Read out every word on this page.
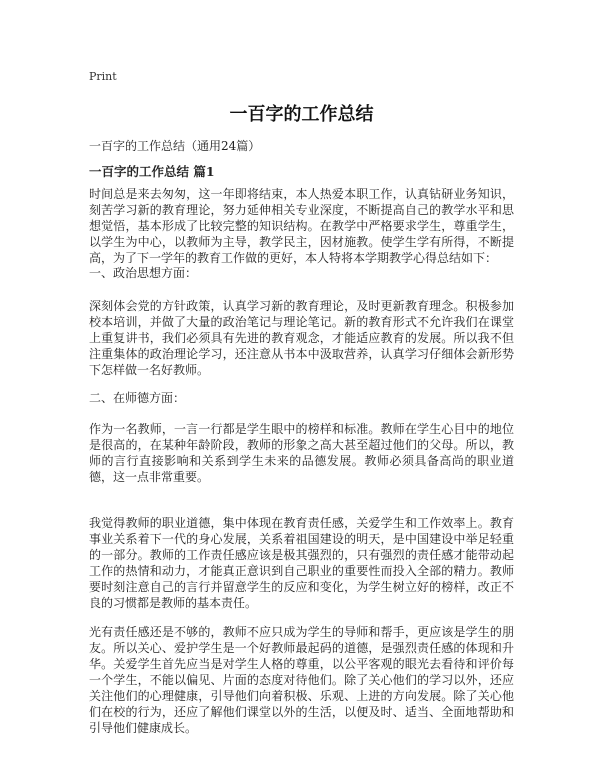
Print
一百字的工作总结

一百字的工作总结（通用24篇）

一百字的工作总结 篇1

时间总是来去匆匆，这一年即将结束，本人热爱本职工作，认真钻研业务知识，刻苦学习新的教育理论，努力延伸相关专业深度，不断提高自己的教学水平和思想觉悟，基本形成了比较完整的知识结构。在教学中严格要求学生，尊重学生，以学生为中心，以教师为主导，教学民主，因材施教。使学生学有所得，不断提高，为了下一学年的教育工作做的更好，本人特将本学期教学心得总结如下：

一、政治思想方面：

深刻体会党的方针政策，认真学习新的教育理论，及时更新教育理念。积极参加校本培训，并做了大量的政治笔记与理论笔记。新的教育形式不允许我们在课堂上重复讲书，我们必须具有先进的教育观念，才能适应教育的发展。所以我不但注重集体的政治理论学习，还注意从书本中汲取营养，认真学习仔细体会新形势下怎样做一名好教师。

二、在师德方面：

作为一名教师，一言一行都是学生眼中的榜样和标准。教师在学生心目中的地位是很高的，在某种年龄阶段，教师的形象之高大甚至超过他们的父母。所以，教师的言行直接影响和关系到学生未来的品德发展。教师必须具备高尚的职业道德，这一点非常重要。

我觉得教师的职业道德，集中体现在教育责任感，关爱学生和工作效率上。教育事业关系着下一代的身心发展，关系着祖国建设的明天，是中国建设中举足轻重的一部分。教师的工作责任感应该是极其强烈的，只有强烈的责任感才能带动起工作的热情和动力，才能真正意识到自己职业的重要性而投入全部的精力。教师要时刻注意自己的言行并留意学生的反应和变化，为学生树立好的榜样，改正不良的习惯都是教师的基本责任。

光有责任感还是不够的，教师不应只成为学生的导师和帮手，更应该是学生的朋友。所以关心、爱护学生是一个好教师最起码的道德，是强烈责任感的体现和升华。关爱学生首先应当是对学生人格的尊重，以公平客观的眼光去看待和评价每一个学生，不能以偏见、片面的态度对待他们。除了关心他们的学习以外，还应关注他们的心理健康，引导他们向着积极、乐观、上进的方向发展。除了关心他们在校的行为，还应了解他们课堂以外的生活，以便及时、适当、全面地帮助和引导他们健康成长。
